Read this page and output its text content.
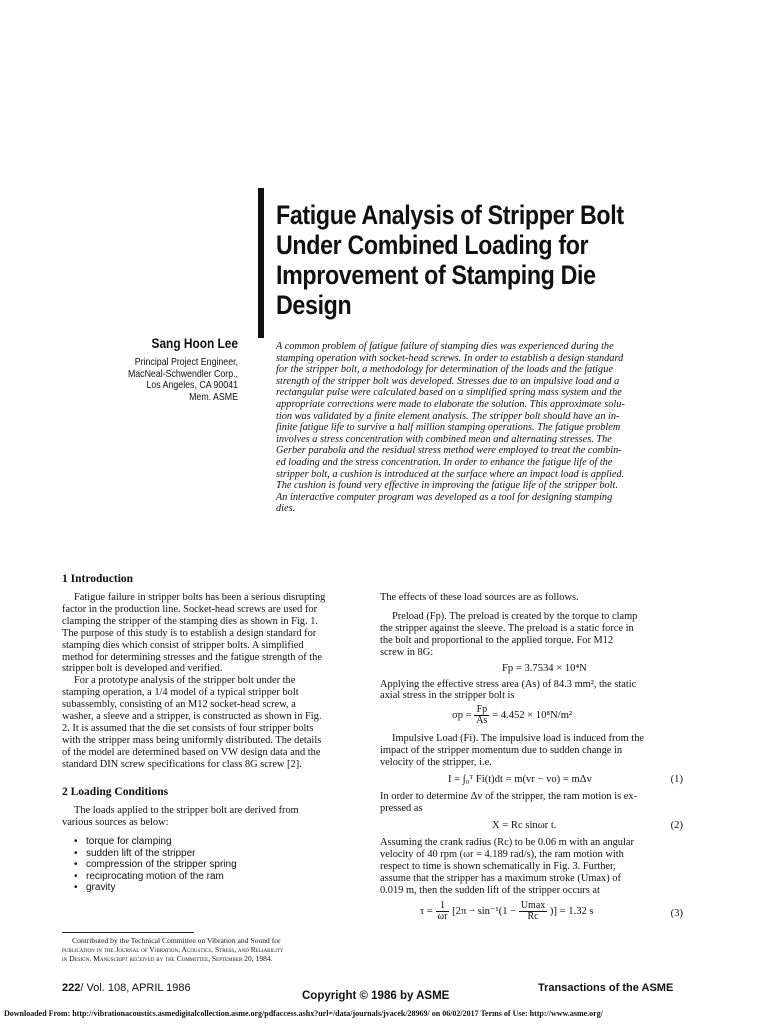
Fatigue Analysis of Stripper Bolt
Under Combined Loading for
Improvement of Stamping Die
Design
Sang Hoon Lee
Principal Project Engineer,
MacNeal-Schwendler Corp.,
Los Angeles, CA 90041
Mem. ASME
A common problem of fatigue failure of stamping dies was experienced during the
stamping operation with socket-head screws. In order to establish a design standard
for the stripper bolt, a methodology for determination of the loads and the fatigue
strength of the stripper bolt was developed. Stresses due to an impulsive load and a
rectangular pulse were calculated based on a simplified spring mass system and the
appropriate corrections were made to elaborate the solution. This approximate solu-
tion was validated by a finite element analysis. The stripper bolt should have an in-
finite fatigue life to survive a half million stamping operations. The fatigue problem
involves a stress concentration with combined mean and alternating stresses. The
Gerber parabola and the residual stress method were employed to treat the combin-
ed loading and the stress concentration. In order to enhance the fatigue life of the
stripper bolt, a cushion is introduced at the surface where an impact load is applied.
The cushion is found very effective in improving the fatigue life of the stripper bolt.
An interactive computer program was developed as a tool for designing stamping
dies.
1 Introduction
Fatigue failure in stripper bolts has been a serious disrupting
factor in the production line. Socket-head screws are used for
clamping the stripper of the stamping dies as shown in Fig. 1.
The purpose of this study is to establish a design standard for
stamping dies which consist of stripper bolts. A simplified
method for determining stresses and the fatigue strength of the
stripper bolt is developed and verified.
For a prototype analysis of the stripper bolt under the
stamping operation, a 1/4 model of a typical stripper bolt
subassembly, consisting of an M12 socket-head screw, a
washer, a sleeve and a stripper, is constructed as shown in Fig.
2. It is assumed that the die set consists of four stripper bolts
with the stripper mass being uniformly distributed. The details
of the model are determined based on VW design data and the
standard DIN screw specifications for class 8G screw [2].
2 Loading Conditions
The loads applied to the stripper bolt are derived from
various sources as below:
• torque for clamping
• sudden lift of the stripper
• compression of the stripper spring
• reciprocating motion of the ram
• gravity
Contributed by the Technical Committee on Vibration and Sound for
publication in the Journal of Vibration, Acoustics, Stress, and Reliability
in Design. Manuscript received by the Committee, September 20, 1984.
The effects of these load sources are as follows.
Preload (Fp). The preload is created by the torque to clamp
the stripper against the sleeve. The preload is a static force in
the bolt and proportional to the applied torque. For M12
screw in 8G:
Fp = 3.7534 × 10⁴N
Applying the effective stress area (As) of 84.3 mm², the static
axial stress in the stripper bolt is
$\sigma p = \frac{Fp}{As} = 4.452 \times 10^8N/m^2$
Impulsive Load (Fi). The impulsive load is induced from the
impact of the stripper momentum due to sudden change in
velocity of the stripper, i.e.
I = ∫₀ᵀ Fi(t)dt = m(vr − vo) = mΔv	(1)
In order to determine Δv of the stripper, the ram motion is ex-
pressed as
X = Rc sinωr t.	(2)
Assuming the crank radius (Rc) to be 0.06 m with an angular
velocity of 40 rpm (ωr = 4.189 rad/s), the ram motion with
respect to time is shown schematically in Fig. 3. Further,
assume that the stripper has a maximum stroke (Umax) of
0.019 m, then the sudden lift of the stripper occurs at
$\tau = \frac{1}{\omega r} [2\pi - \sin^{-1}(1 - \frac{Umax}{Rc}$ )] = 1.32 s	(3)
222/ Vol. 108, APRIL 1986
Copyright © 1986 by ASME
Transactions of the ASME
Downloaded From: http://vibrationacoustics.asmedigitalcollection.asme.org/pdfaccess.ashx?url=/data/journals/jvacek/28969/ on 06/02/2017 Terms of Use: http://www.asme.org/
